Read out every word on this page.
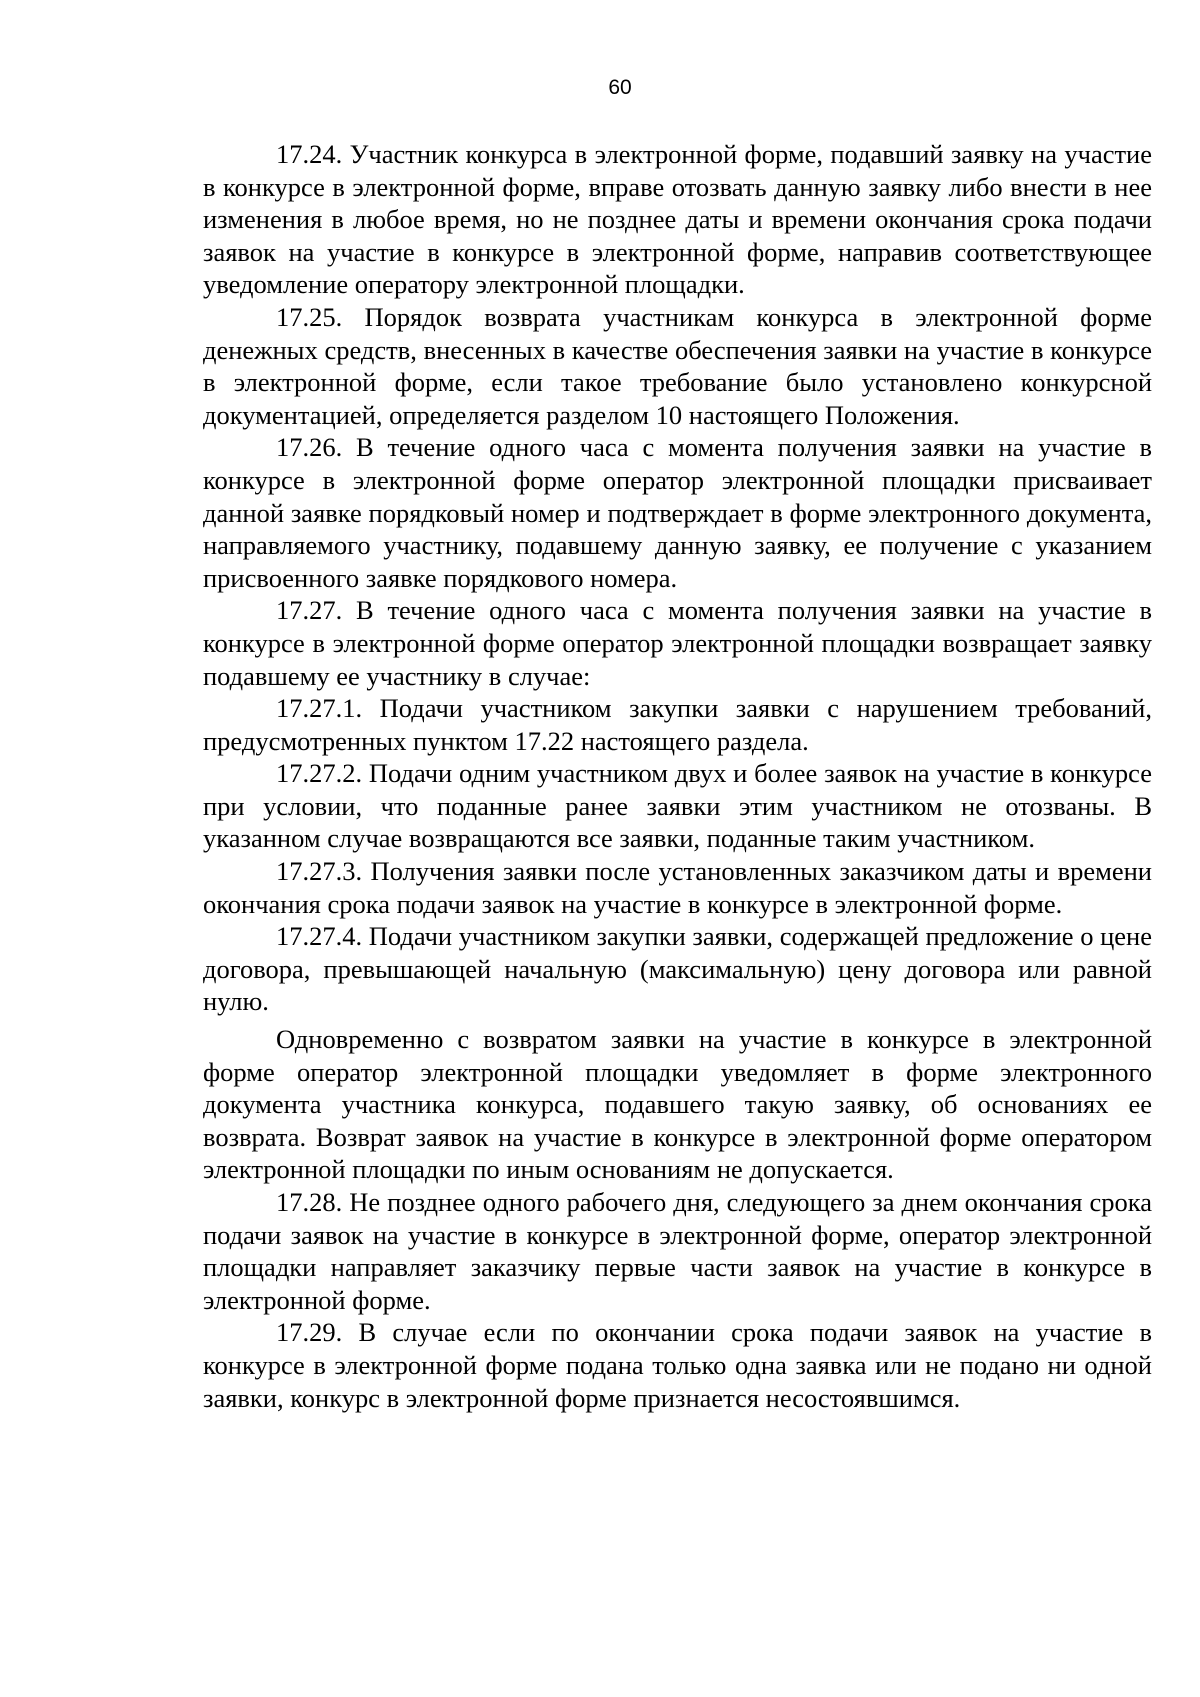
60

17.24. Участник конкурса в электронной форме, подавший заявку на участие в конкурсе в электронной форме, вправе отозвать данную заявку либо внести в нее изменения в любое время, но не позднее даты и времени окончания срока подачи заявок на участие в конкурсе в электронной форме, направив соответствующее уведомление оператору электронной площадки.

17.25. Порядок возврата участникам конкурса в электронной форме денежных средств, внесенных в качестве обеспечения заявки на участие в конкурсе в электронной форме, если такое требование было установлено конкурсной документацией, определяется разделом 10 настоящего Положения.

17.26. В течение одного часа с момента получения заявки на участие в конкурсе в электронной форме оператор электронной площадки присваивает данной заявке порядковый номер и подтверждает в форме электронного документа, направляемого участнику, подавшему данную заявку, ее получение с указанием присвоенного заявке порядкового номера.

17.27. В течение одного часа с момента получения заявки на участие в конкурсе в электронной форме оператор электронной площадки возвращает заявку подавшему ее участнику в случае:

17.27.1. Подачи участником закупки заявки с нарушением требований, предусмотренных пунктом 17.22 настоящего раздела.

17.27.2. Подачи одним участником двух и более заявок на участие в конкурсе при условии, что поданные ранее заявки этим участником не отозваны. В указанном случае возвращаются все заявки, поданные таким участником.

17.27.3. Получения заявки после установленных заказчиком даты и времени окончания срока подачи заявок на участие в конкурсе в электронной форме.

17.27.4. Подачи участником закупки заявки, содержащей предложение о цене договора, превышающей начальную (максимальную) цену договора или равной нулю.

Одновременно с возвратом заявки на участие в конкурсе в электронной форме оператор электронной площадки уведомляет в форме электронного документа участника конкурса, подавшего такую заявку, об основаниях ее возврата. Возврат заявок на участие в конкурсе в электронной форме оператором электронной площадки по иным основаниям не допускается.

17.28. Не позднее одного рабочего дня, следующего за днем окончания срока подачи заявок на участие в конкурсе в электронной форме, оператор электронной площадки направляет заказчику первые части заявок на участие в конкурсе в электронной форме.

17.29. В случае если по окончании срока подачи заявок на участие в конкурсе в электронной форме подана только одна заявка или не подано ни одной заявки, конкурс в электронной форме признается несостоявшимся.
